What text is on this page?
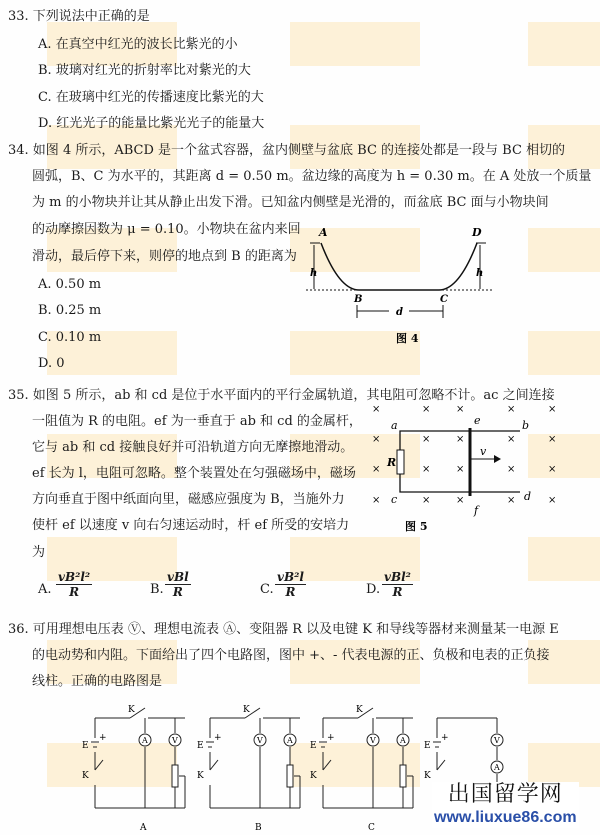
33. 下列说法中正确的是
A. 在真空中红光的波长比紫光的小
B. 玻璃对红光的折射率比对紫光的大
C. 在玻璃中红光的传播速度比紫光的大
D. 红光光子的能量比紫光光子的能量大
34. 如图 4 所示，ABCD 是一个盆式容器，盆内侧壁与盆底 BC 的连接处都是一段与 BC 相切的
圆弧，B、C 为水平的，其距离 d = 0.50 m。盆边缘的高度为 h = 0.30 m。在 A 处放一个质量
为 m 的小物块并让其从静止出发下滑。已知盆内侧壁是光滑的，而盆底 BC 面与小物块间
的动摩擦因数为 μ = 0.10。小物块在盆内来回
滑动，最后停下来，则停的地点到 B 的距离为
A. 0.50 m
B. 0.25 m
C. 0.10 m
D. 0
A	D
h	h
B	C
d
图 4
35. 如图 5 所示，ab 和 cd 是位于水平面内的平行金属轨道，其电阻可忽略不计。ac 之间连接
一阻值为 R 的电阻。ef 为一垂直于 ab 和 cd 的金属杆，
它与 ab 和 cd 接触良好并可沿轨道方向无摩擦地滑动。
ef 长为 l，电阻可忽略。整个装置处在匀强磁场中，磁场
方向垂直于图中纸面向里，磁感应强度为 B，当施外力
使杆 ef 以速度 v 向右匀速运动时，杆 ef 所受的安培力
为
A. $\frac{\text{vB²l²}}{R}$	B.
vBl
R	C. $\frac{\text{vB²l}}{R}$	D.
vBl²
R
×
×
×
×
×
×
×
×
×
×
×
×
×
×
×
×
×
×
×
×
a	b
c	d
e
f
R
v
图 5
36. 可用理想电压表 Ⓥ、理想电流表 Ⓐ、变阻器 R 以及电键 K 和导线等器材来测量某一电源 E
的电动势和内阻。下面给出了四个电路图，图中 +、- 代表电源的正、负极和电表的正负接
线柱。正确的电路图是
E
+
K
K
A	V
A
E
+
K
K
V	A
B
E
+
K
K
V	A
C
E
+
K
V
A
出国留学网
www.liuxue86.com
